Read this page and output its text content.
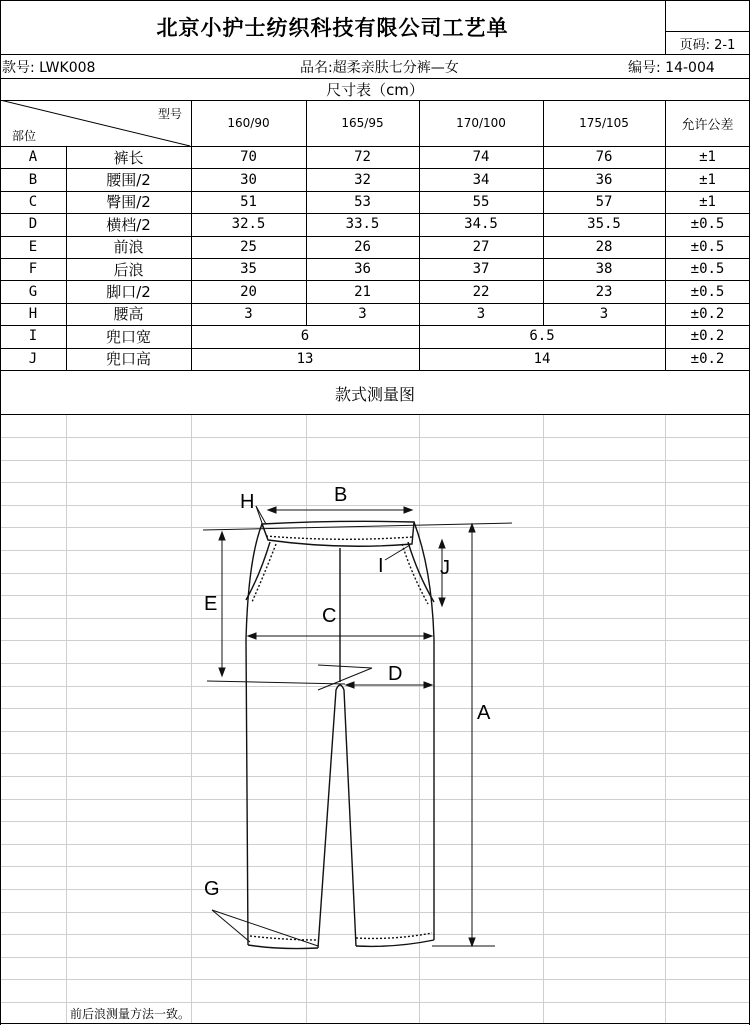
北京小护士纺织科技有限公司工艺单
页码: 2-1
款号: LWK008	品名:超柔亲肤七分裤—女	编号: 14-004
尺寸表（cm）
型号
部位
160/90	165/95	170/100	175/105	允许公差
A	裤长	70	72	74	76	±1
B	腰围/2	30	32	34	36	±1
C	臀围/2	51	53	55	57	±1
D	横档/2	32.5	33.5	34.5	35.5	±0.5
E	前浪	25	26	27	28	±0.5
F	后浪	35	36	37	38	±0.5
G	脚口/2	20	21	22	23	±0.5
H	腰高	3	3	3	3	±0.2
I	兜口宽	6	6.5	±0.2
J	兜口高	13	14	±0.2
款式测量图
B
H
I	J
E
C
D
A
G
前后浪测量方法一致。
